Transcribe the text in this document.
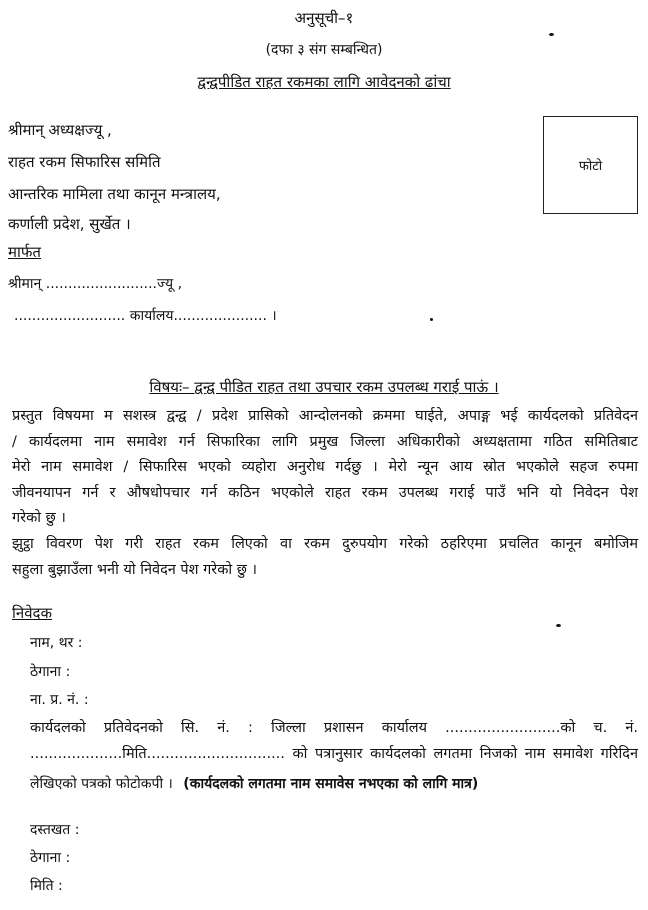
अनुसूची–१
(दफा ३ संग सम्बन्धित)
द्वन्द्वपीडित राहत रकमका लागि आवेदनको ढांचा
श्रीमान् अध्यक्षज्यू ,
राहत रकम सिफारिस समिति
आन्तरिक मामिला तथा कानून मन्त्रालय,
कर्णाली प्रदेश, सुर्खेत ।
मार्फत
श्रीमान् .........................ज्यू ,
......................... कार्यालय..................... ।
फोटो
विषयः– द्वन्द्व पीडित राहत तथा उपचार रकम उपलब्ध गराई पाऊं ।
प्रस्तुत विषयमा म सशस्त्र द्वन्द्व / प्रदेश प्रासिको आन्दोलनको क्रममा घाईते, अपाङ्ग भई कार्यदलको प्रतिवेदन
/ कार्यदलमा नाम समावेश गर्न सिफारिका लागि प्रमुख जिल्ला अधिकारीको अध्यक्षतामा गठित समितिबाट
मेरो नाम समावेश / सिफारिस भएको व्यहोरा अनुरोध गर्दछु । मेरो न्यून आय स्रोत भएकोले सहज रुपमा
जीवनयापन गर्न र औषधोपचार गर्न कठिन भएकोले राहत रकम उपलब्ध गराई पाउँ भनि यो निवेदन पेश
गरेको छु ।
झुट्ठा विवरण पेश गरी राहत रकम लिएको वा रकम दुरुपयोग गरेको ठहरिएमा प्रचलित कानून बमोजिम
सहुला बुझाउँला भनी यो निवेदन पेश गरेको छु ।
निवेदक
नाम, थर :
ठेगाना :
ना. प्र. नं. :
कार्यदलको प्रतिवेदनको सि. नं. : जिल्ला प्रशासन कार्यालय .........................को च. नं.
....................मिति.............................. को पत्रानुसार कार्यदलको लगतमा निजको नाम समावेश गरिदिन
लेखिएको पत्रको फोटोकपी । (कार्यदलको लगतमा नाम समावेस नभएका को लागि मात्र)
दस्तखत :
ठेगाना :
मिति :
